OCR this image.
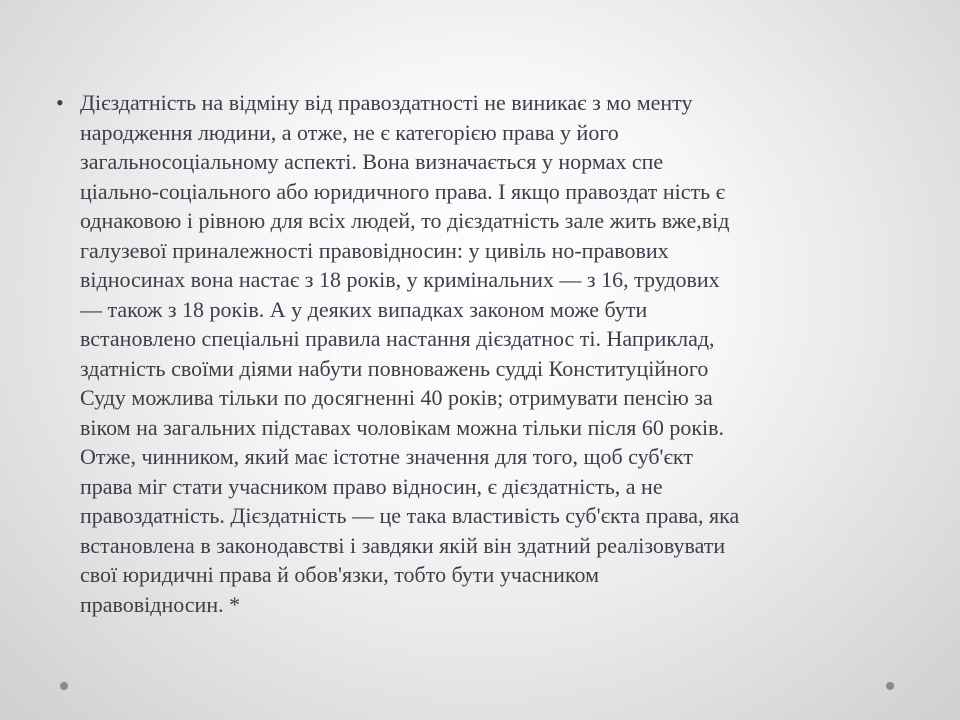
• Дієздатність на відміну від правоздатності не виникає з мо менту
народження людини, а отже, не є категорією права у його
загальносоціальному аспекті. Вона визначається у нормах спе
ціально-соціального або юридичного права. І якщо правоздат ність є
однаковою і рівною для всіх людей, то дієздатність зале жить вже,від
галузевої приналежності правовідносин: у цивіль но-правових
відносинах вона настає з 18 років, у кримінальних — з 16, трудових
— також з 18 років. А у деяких випадках законом може бути
встановлено спеціальні правила настання дієздатнос ті. Наприклад,
здатність своїми діями набути повноважень судді Конституційного
Суду можлива тільки по досягненні 40 років; отримувати пенсію за
віком на загальних підставах чоловікам можна тільки після 60 років.
Отже, чинником, який має істотне значення для того, щоб суб'єкт
права міг стати учасником право відносин, є дієздатність, а не
правоздатність. Дієздатність — це така властивість суб'єкта права, яка
встановлена в законодавстві і завдяки якій він здатний реалізовувати
свої юридичні права й обов'язки, тобто бути учасником
правовідносин. *
